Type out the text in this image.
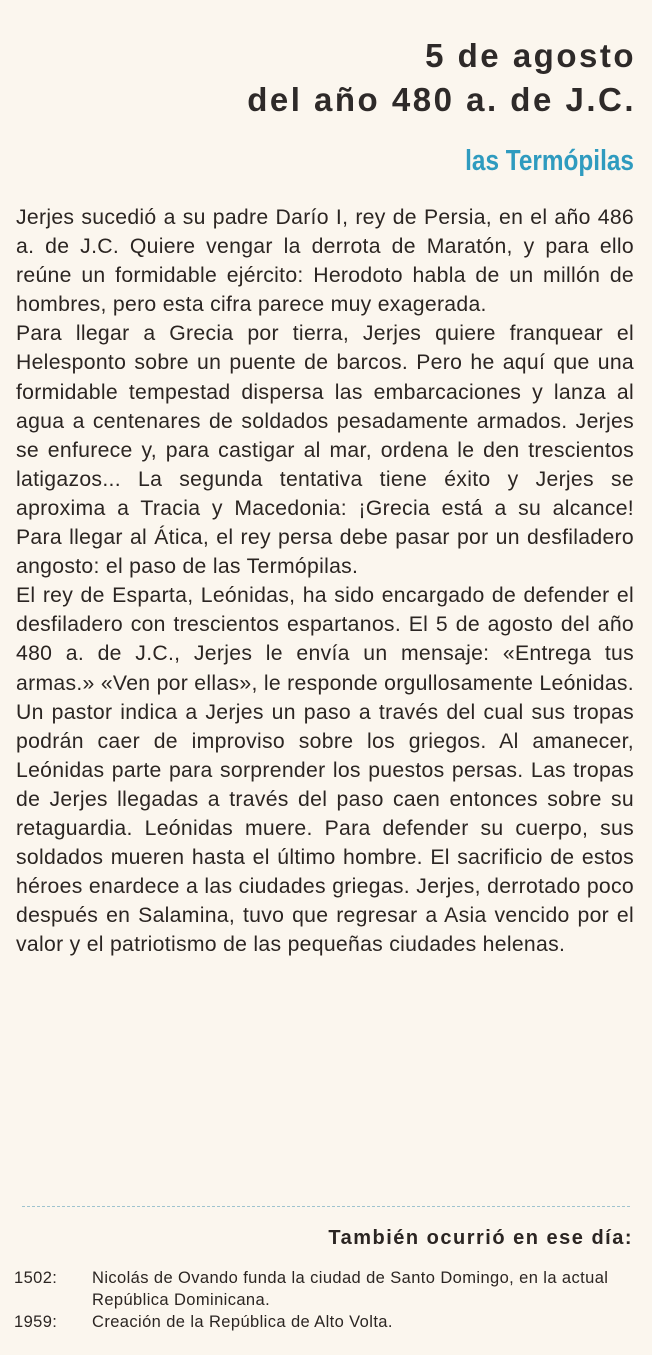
5 de agosto
del año 480 a. de J.C.
las Termópilas

Jerjes sucedió a su padre Darío I, rey de Persia, en el año 486 a. de J.C. Quiere vengar la derrota de Maratón, y para ello reúne un formidable ejército: Herodoto habla de un millón de hombres, pero esta cifra parece muy exagerada.

Para llegar a Grecia por tierra, Jerjes quiere franquear el Helesponto sobre un puente de barcos. Pero he aquí que una formidable tempestad dispersa las embarcaciones y lanza al agua a centenares de soldados pesadamente armados. Jerjes se enfurece y, para castigar al mar, ordena le den trescientos latigazos... La segunda tentativa tiene éxito y Jerjes se aproxima a Tracia y Macedonia: ¡Grecia está a su alcance! Para llegar al Ática, el rey persa debe pasar por un desfiladero angosto: el paso de las Termópilas.

El rey de Esparta, Leónidas, ha sido encargado de defender el desfiladero con trescientos espartanos. El 5 de agosto del año 480 a. de J.C., Jerjes le envía un mensaje: «Entrega tus armas.» «Ven por ellas», le responde orgullosamente Leónidas. Un pastor indica a Jerjes un paso a través del cual sus tropas podrán caer de improviso sobre los griegos. Al amanecer, Leónidas parte para sorprender los puestos persas. Las tropas de Jerjes llegadas a través del paso caen entonces sobre su retaguardia. Leónidas muere. Para defender su cuerpo, sus soldados mueren hasta el último hombre. El sacrificio de estos héroes enardece a las ciudades griegas. Jerjes, derrotado poco después en Salamina, tuvo que regresar a Asia vencido por el valor y el patriotismo de las pequeñas ciudades helenas.

También ocurrió en ese día:
1502:	Nicolás de Ovando funda la ciudad de Santo Domingo, en la actual República Dominicana.
1959:	Creación de la República de Alto Volta.
